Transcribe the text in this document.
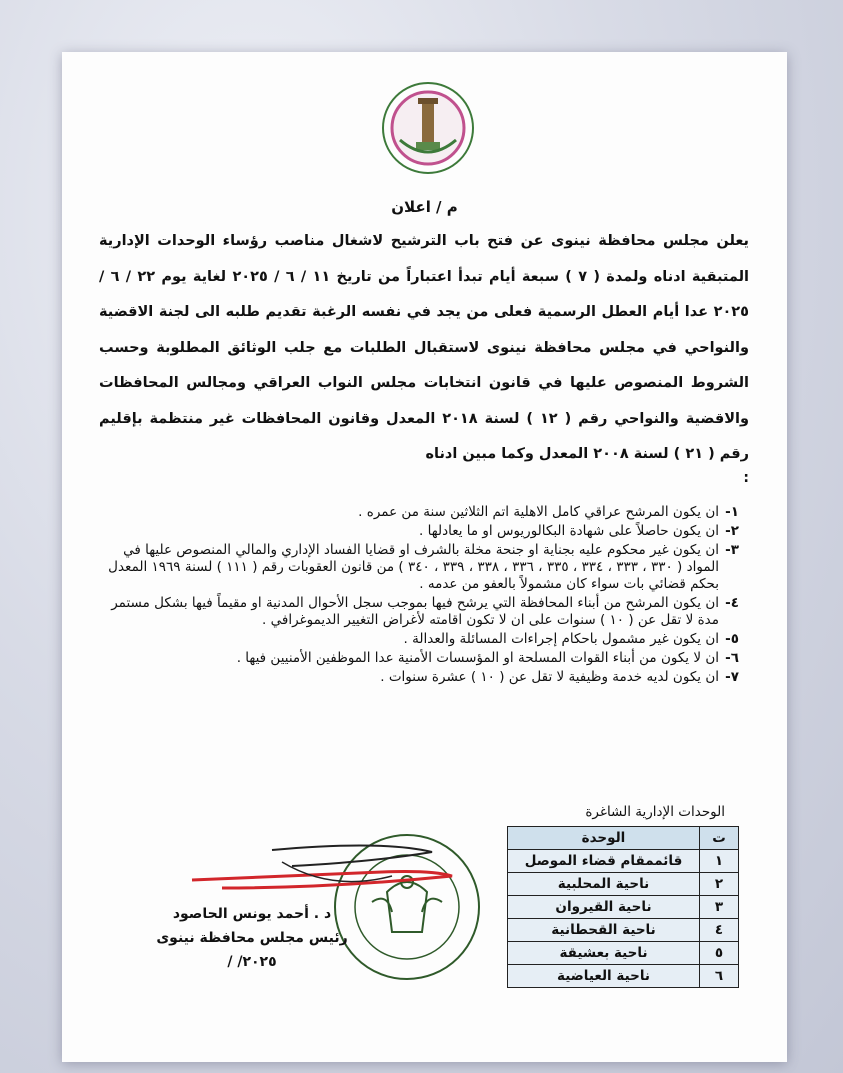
م / اعلان
يعلن مجلس محافظة نينوى عن فتح باب الترشيح لاشغال مناصب رؤساء الوحدات الإدارية المتبقية ادناه ولمدة ( ٧ ) سبعة أيام تبدأ اعتباراً من تاريخ ١١ / ٦ / ٢٠٢٥ لغاية يوم ٢٢ / ٦ / ٢٠٢٥ عدا أيام العطل الرسمية فعلى من يجد في نفسه الرغبة تقديم طلبه الى لجنة الاقضية والنواحي في مجلس محافظة نينوى لاستقبال الطلبات مع جلب الوثائق المطلوبة وحسب الشروط المنصوص عليها في قانون انتخابات مجلس النواب العراقي ومجالس المحافظات والاقضية والنواحي رقم ( ١٢ ) لسنة ٢٠١٨ المعدل وقانون المحافظات غير منتظمة بإقليم رقم ( ٢١ ) لسنة ٢٠٠٨ المعدل وكما مبين ادناه
:
١-
ان يكون المرشح عراقي كامل الاهلية اتم الثلاثين سنة من عمره .
٢-
ان يكون حاصلاً على شهادة البكالوريوس او ما يعادلها .
٣-
ان يكون غير محكوم عليه بجناية او جنحة مخلة بالشرف او قضايا الفساد الإداري والمالي المنصوص عليها في المواد ( ٣٣٠ ، ٣٣٣ ، ٣٣٤ ، ٣٣٥ ، ٣٣٦ ، ٣٣٨ ، ٣٣٩ ، ٣٤٠ ) من قانون العقوبات رقم ( ١١١ ) لسنة ١٩٦٩ المعدل بحكم قضائي بات سواء كان مشمولاً بالعفو من عدمه .
٤-
ان يكون المرشح من أبناء المحافظة التي يرشح فيها بموجب سجل الأحوال المدنية او مقيماً فيها بشكل مستمر مدة لا تقل عن ( ١٠ ) سنوات على ان لا تكون اقامته لأغراض التغيير الديموغرافي .
٥-
ان يكون غير مشمول باحكام إجراءات المسائلة والعدالة .
٦-
ان لا يكون من أبناء القوات المسلحة او المؤسسات الأمنية عدا الموظفين الأمنيين فيها .
٧-
ان يكون لديه خدمة وظيفية لا تقل عن ( ١٠ ) عشرة سنوات .
الوحدات الإدارية الشاغرة
ت	الوحدة
١	قائممقام قضاء الموصل
٢	ناحية المحلبية
٣	ناحية القيروان
٤	ناحية القحطانية
٥	ناحية بعشيقة
٦	ناحية العياضية
د . أحمد يونس الحاصود
رئيس مجلس محافظة نينوى
٢٠٢٥/ /
